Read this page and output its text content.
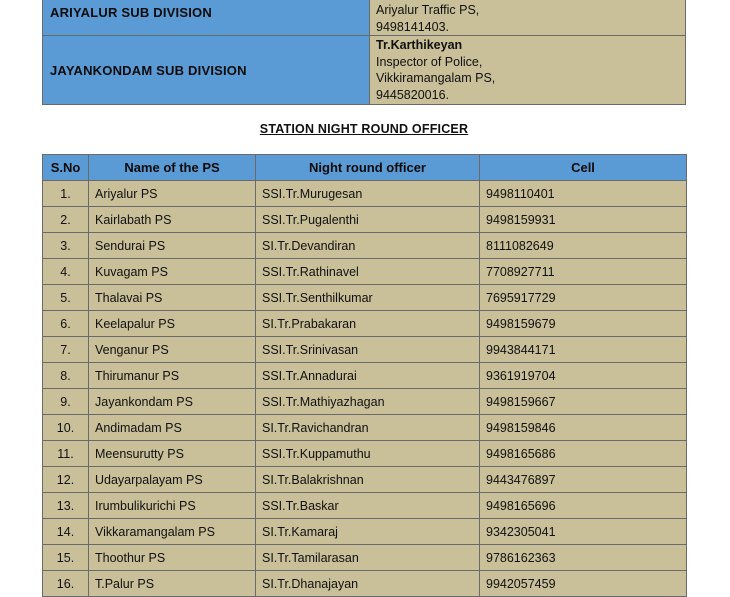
ARIYALUR SUB DIVISION	Ariyalur Traffic PS,
9498141403.

JAYANKONDAM SUB DIVISION	Tr.Karthikeyan
Inspector of Police,
Vikkiramangalam PS,
9445820016.
STATION NIGHT ROUND OFFICER
S.No	Name of the PS	Night round officer	Cell
1.	Ariyalur PS	SSI.Tr.Murugesan	9498110401
2.	Kairlabath PS	SSI.Tr.Pugalenthi	9498159931
3.	Sendurai PS	SI.Tr.Devandiran	8111082649
4.	Kuvagam PS	SSI.Tr.Rathinavel	7708927711
5.	Thalavai PS	SSI.Tr.Senthilkumar	7695917729
6.	Keelapalur PS	SI.Tr.Prabakaran	9498159679
7.	Venganur PS	SSI.Tr.Srinivasan	9943844171
8.	Thirumanur PS	SSI.Tr.Annadurai	9361919704
9.	Jayankondam PS	SSI.Tr.Mathiyazhagan	9498159667
10.	Andimadam PS	SI.Tr.Ravichandran	9498159846
11.	Meensurutty PS	SSI.Tr.Kuppamuthu	9498165686
12.	Udayarpalayam PS	SI.Tr.Balakrishnan	9443476897
13.	Irumbulikurichi PS	SSI.Tr.Baskar	9498165696
14.	Vikkaramangalam PS	SI.Tr.Kamaraj	9342305041
15.	Thoothur PS	SI.Tr.Tamilarasan	9786162363
16.	T.Palur PS	SI.Tr.Dhanajayan	9942057459
